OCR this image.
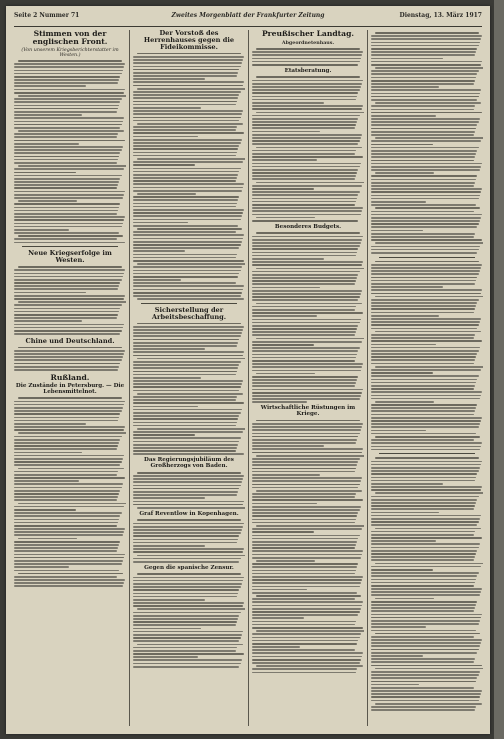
Seite 2 Nummer 71	Zweites Morgenblatt der Frankfurter Zeitung	Dienstag, 13. März 1917
Stimmen von der englischen Front.
(Von unserem Kriegsberichterstatter im Westen.)
Neue Kriegserfolge im Westen.
Chine und Deutschland.
Rußland.
Die Zustände in Petersburg. — Die Lebensmittelnot.
Der Vorstoß des Herrenhauses gegen die Fideikommisse.
Sicherstellung der Arbeitsbeschaffung.
Das Regierungsjubiläum des Großherzogs von Baden.
Graf Reventlow in Kopenhagen.
Gegen die spanische Zensur.
Preußischer Landtag.
Abgeordnetenhaus.
Etatsberatung.
Besonderes Budgets.
Wirtschaftliche Rüstungen im Kriege.
